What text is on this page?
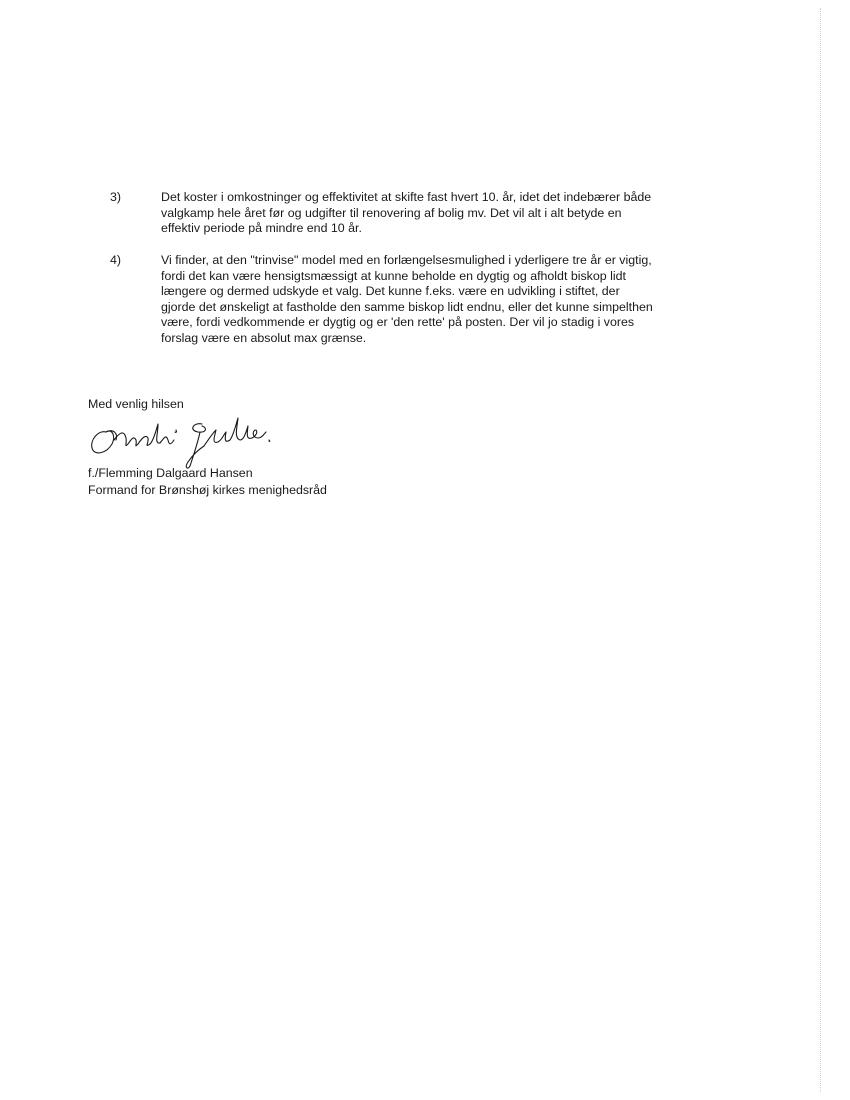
3)	Det koster i omkostninger og effektivitet at skifte fast hvert 10. år, idet det indebærer både
valgkamp hele året før og udgifter til renovering af bolig mv. Det vil alt i alt betyde en
effektiv periode på mindre end 10 år.
4)	Vi finder, at den "trinvise" model med en forlængelsesmulighed i yderligere tre år er vigtig,
fordi det kan være hensigtsmæssigt at kunne beholde en dygtig og afholdt biskop lidt
længere og dermed udskyde et valg. Det kunne f.eks. være en udvikling i stiftet, der
gjorde det ønskeligt at fastholde den samme biskop lidt endnu, eller det kunne simpelthen
være, fordi vedkommende er dygtig og er 'den rette' på posten. Der vil jo stadig i vores
forslag være en absolut max grænse.
Med venlig hilsen
f./Flemming Dalgaard Hansen
Formand for Brønshøj kirkes menighedsråd
